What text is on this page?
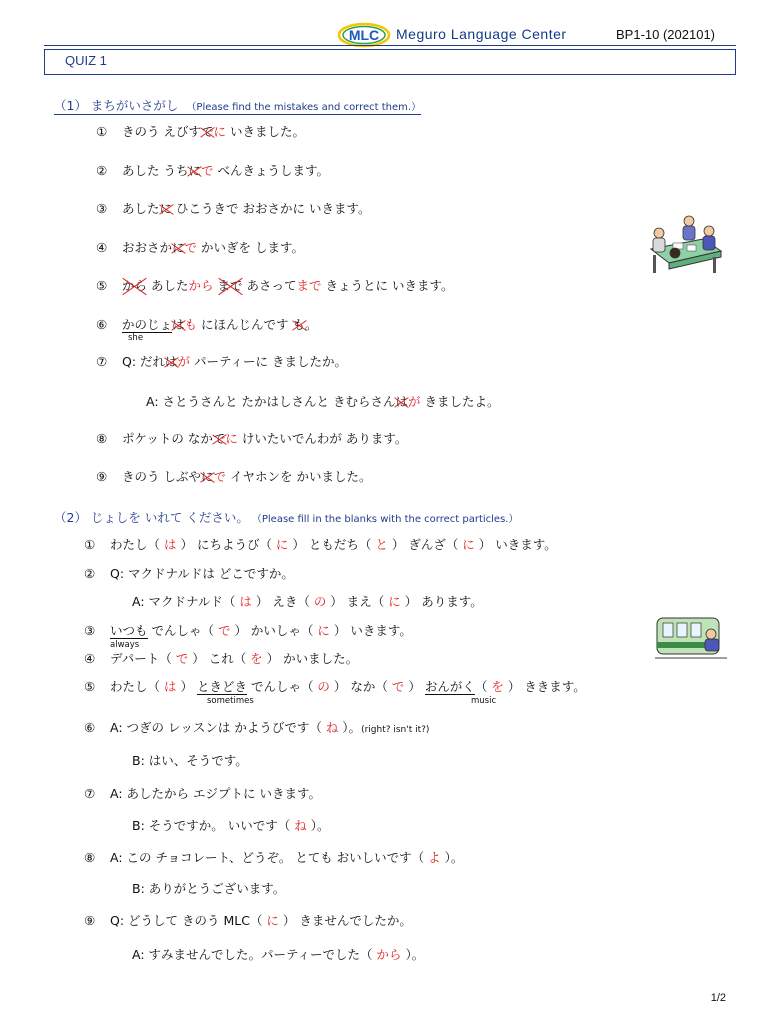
MLC Meguro Language Center	BP1-10 (202101)
QUIZ 1
（1） まちがいさがし （Please find the mistakes and correct them.）
① きのう えびすでに いきました。
② あした うちにで べんきょうします。
③ あしたに ひこうきで おおさかに いきます。
④ おおさかにで かいぎを します。
⑤ から あしたから まで あさってまで きょうとに いきます。
⑥ かのじょはも にほんじんです も。
⑦ Q: だれはが パーティーに きましたか。
A: さとうさんと たかはしさんと きむらさんはが きましたよ。
⑧ ポケットの なかでに けいたいでんわが あります。
⑨ きのう しぶやにで イヤホンを かいました。
she
（2） じょしを いれて ください。 （Please fill in the blanks with the correct particles.）
① わたし（ は ） にちようび（ に ） ともだち（ と ） ぎんざ（ に ） いきます。
② Q: マクドナルドは どこですか。
A: マクドナルド（ は ） えき（ の ） まえ（ に ） あります。
③ いつも でんしゃ（ で ） かいしゃ（ に ） いきます。
④ デパート（ で ） これ（ を ） かいました。
⑤ わたし（ は ） ときどき でんしゃ（ の ） なか（ で ） おんがく（ を ） ききます。
⑥ A: つぎの レッスンは かようびです（ ね ）。(right? isn't it?)
B: はい、そうです。
⑦ A: あしたから エジプトに いきます。
B: そうですか。 いいです（ ね ）。
⑧ A: この チョコレート、どうぞ。 とても おいしいです（ よ ）。
B: ありがとうございます。
⑨ Q: どうして きのう MLC（ に ） きませんでしたか。
A: すみませんでした。パーティーでした（ から ）。
always
sometimes	music
1/2
